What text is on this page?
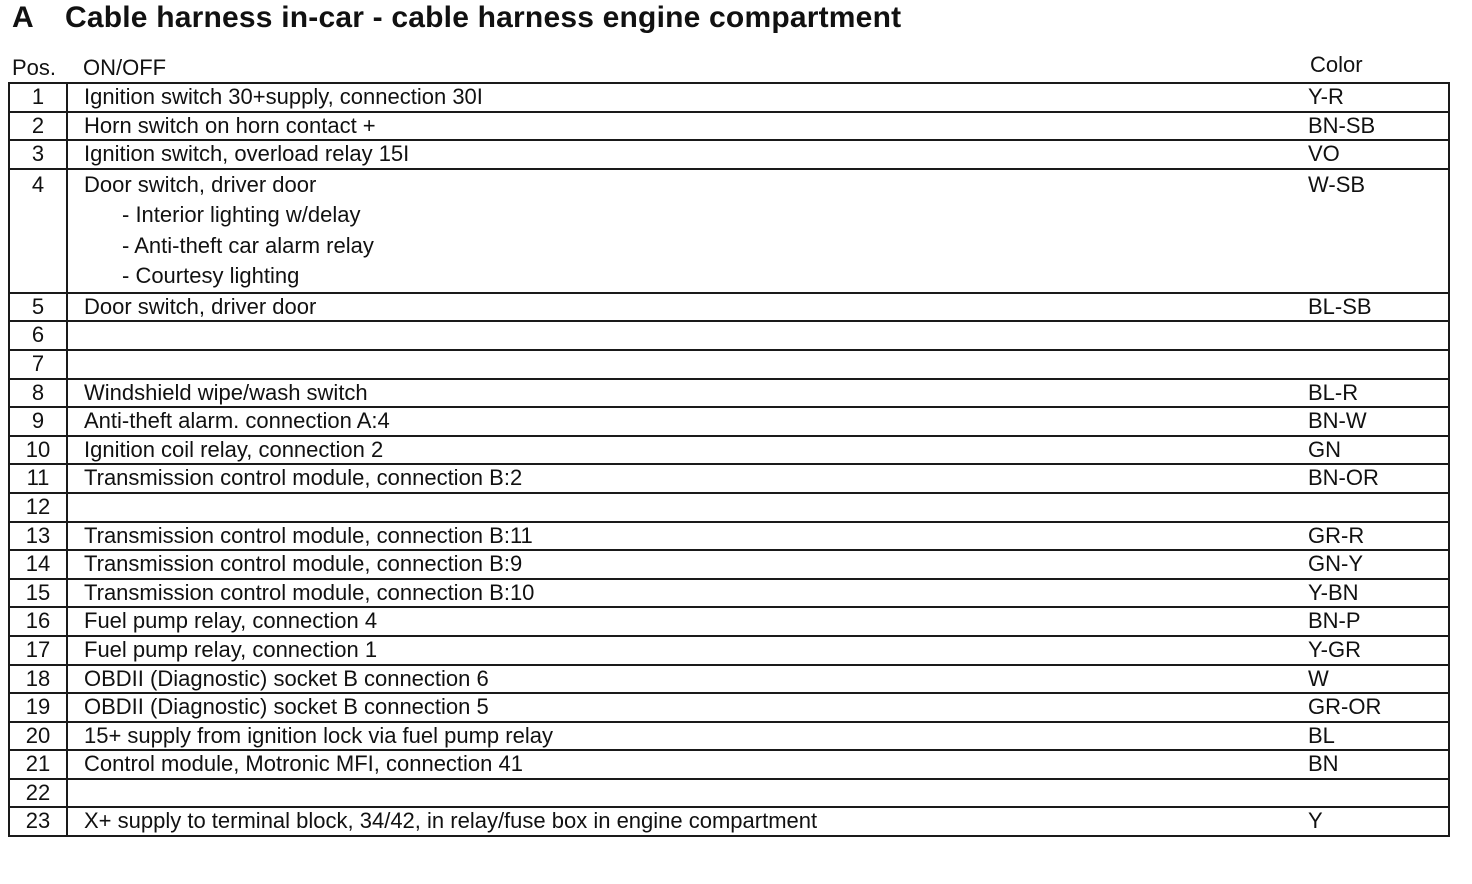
A Cable harness in-car - cable harness engine compartment
Pos. ON/OFF	Color
1	Ignition switch 30+supply, connection 30I	Y-R
2	Horn switch on horn contact +	BN-SB
3	Ignition switch, overload relay 15I	VO

4	Door switch, driver door
- Interior lighting w/delay
- Anti-theft car alarm relay
- Courtesy lighting	W-SB

5	Door switch, driver door	BL-SB
6		
7		
8	Windshield wipe/wash switch	BL-R
9	Anti-theft alarm. connection A:4	BN-W
10	Ignition coil relay, connection 2	GN
11	Transmission control module, connection B:2	BN-OR
12		
13	Transmission control module, connection B:11	GR-R
14	Transmission control module, connection B:9	GN-Y
15	Transmission control module, connection B:10	Y-BN
16	Fuel pump relay, connection 4	BN-P
17	Fuel pump relay, connection 1	Y-GR
18	OBDII (Diagnostic) socket B connection 6	W
19	OBDII (Diagnostic) socket B connection 5	GR-OR
20	15+ supply from ignition lock via fuel pump relay	BL
21	Control module, Motronic MFI, connection 41	BN
22		
23	X+ supply to terminal block, 34/42, in relay/fuse box in engine compartment	Y
